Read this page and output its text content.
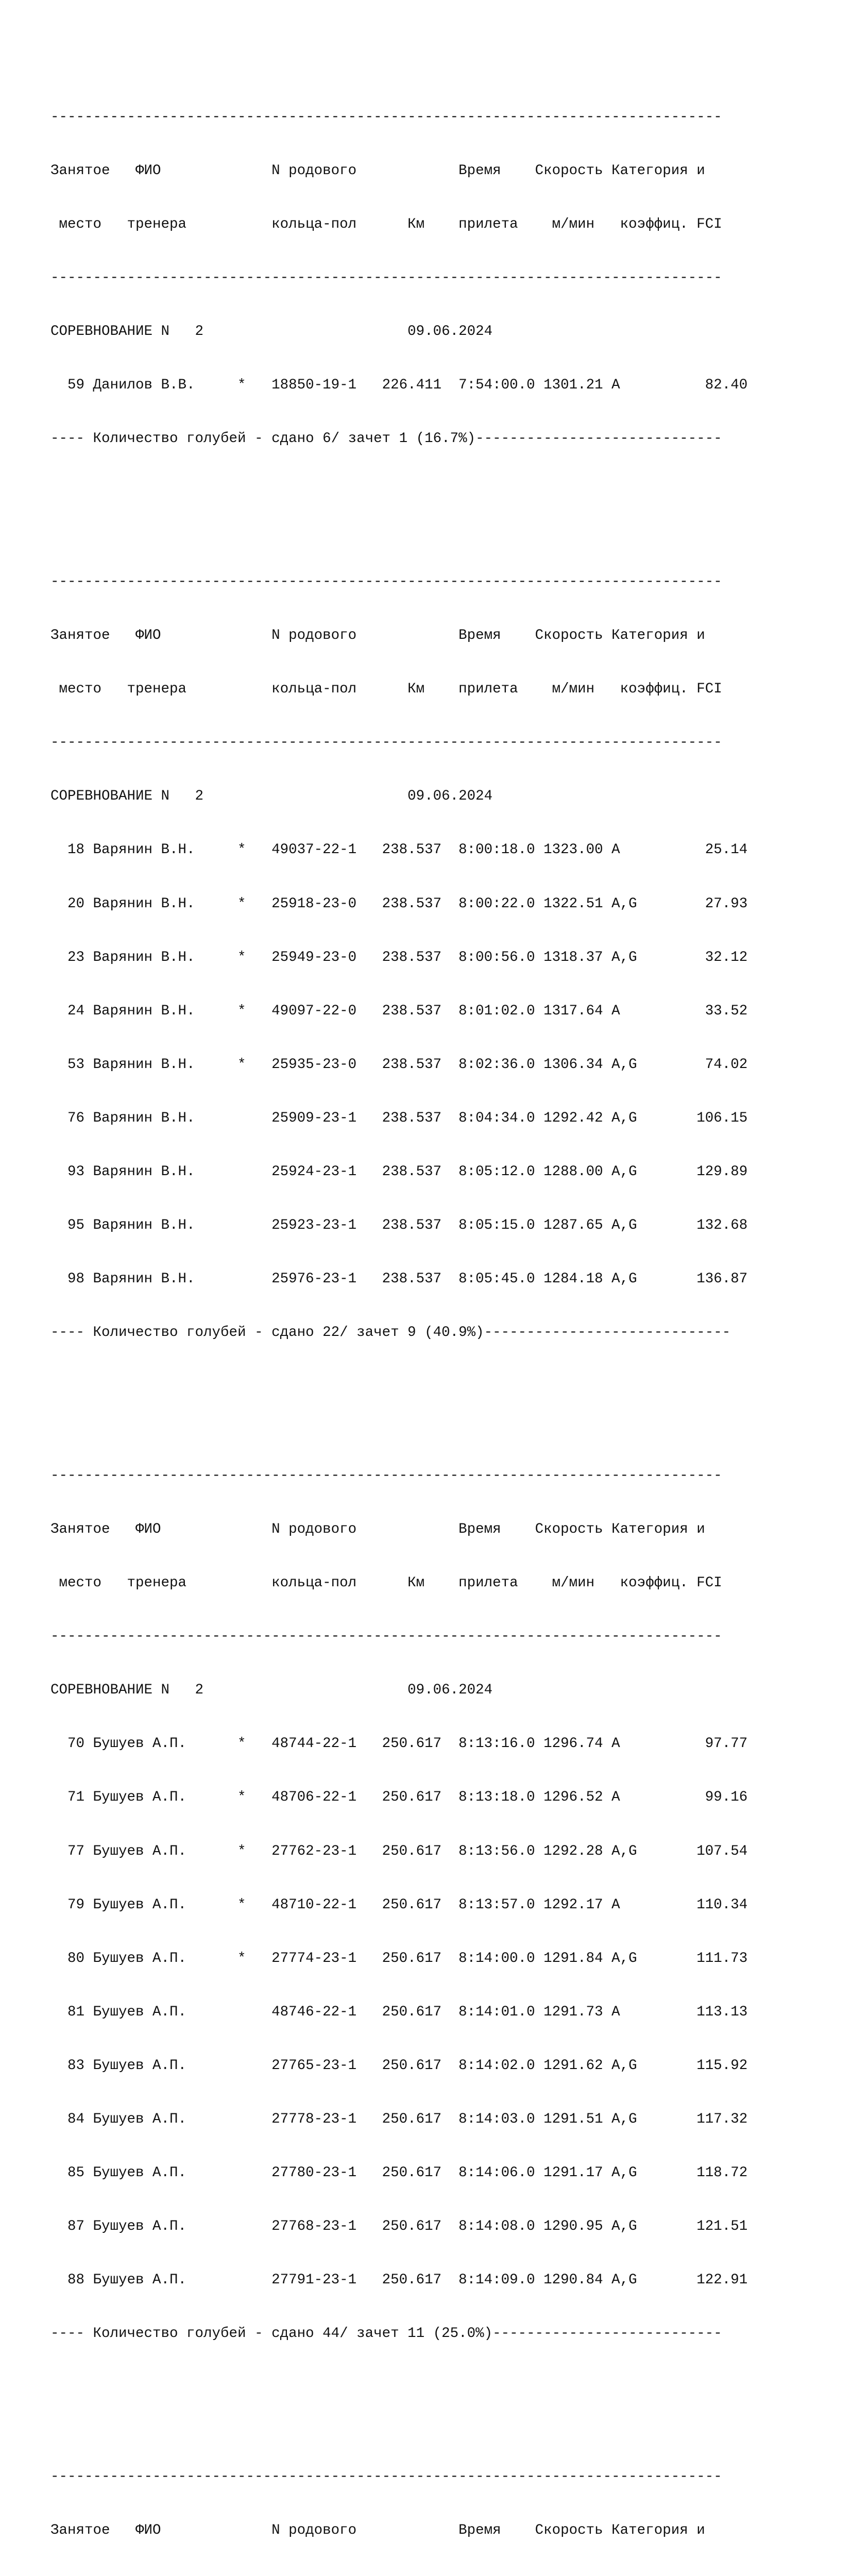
-------------------------------------------------------------------------------

Занятое   ФИО             N родового            Время    Скорость Категория и

место   тренера          кольца-пол      Км    прилета    м/мин   коэффиц. FCI

-------------------------------------------------------------------------------

СОРЕВНОВАНИЕ N   2                        09.06.2024

59 Данилов В.В.     *   18850-19-1   226.411  7:54:00.0 1301.21 A          82.40

---- Количество голубей - сдано 6/ зачет 1 (16.7%)-----------------------------

-------------------------------------------------------------------------------

Занятое   ФИО             N родового            Время    Скорость Категория и

место   тренера          кольца-пол      Км    прилета    м/мин   коэффиц. FCI

-------------------------------------------------------------------------------

СОРЕВНОВАНИЕ N   2                        09.06.2024

18 Варянин В.Н.     *   49037-22-1   238.537  8:00:18.0 1323.00 A          25.14

20 Варянин В.Н.     *   25918-23-0   238.537  8:00:22.0 1322.51 A,G        27.93

23 Варянин В.Н.     *   25949-23-0   238.537  8:00:56.0 1318.37 A,G        32.12

24 Варянин В.Н.     *   49097-22-0   238.537  8:01:02.0 1317.64 A          33.52

53 Варянин В.Н.     *   25935-23-0   238.537  8:02:36.0 1306.34 A,G        74.02

76 Варянин В.Н.         25909-23-1   238.537  8:04:34.0 1292.42 A,G       106.15

93 Варянин В.Н.         25924-23-1   238.537  8:05:12.0 1288.00 A,G       129.89

95 Варянин В.Н.         25923-23-1   238.537  8:05:15.0 1287.65 A,G       132.68

98 Варянин В.Н.         25976-23-1   238.537  8:05:45.0 1284.18 A,G       136.87

---- Количество голубей - сдано 22/ зачет 9 (40.9%)-----------------------------

-------------------------------------------------------------------------------

Занятое   ФИО             N родового            Время    Скорость Категория и

место   тренера          кольца-пол      Км    прилета    м/мин   коэффиц. FCI

-------------------------------------------------------------------------------

СОРЕВНОВАНИЕ N   2                        09.06.2024

70 Бушуев А.П.      *   48744-22-1   250.617  8:13:16.0 1296.74 A          97.77

71 Бушуев А.П.      *   48706-22-1   250.617  8:13:18.0 1296.52 A          99.16

77 Бушуев А.П.      *   27762-23-1   250.617  8:13:56.0 1292.28 A,G       107.54

79 Бушуев А.П.      *   48710-22-1   250.617  8:13:57.0 1292.17 A         110.34

80 Бушуев А.П.      *   27774-23-1   250.617  8:14:00.0 1291.84 A,G       111.73

81 Бушуев А.П.          48746-22-1   250.617  8:14:01.0 1291.73 A         113.13

83 Бушуев А.П.          27765-23-1   250.617  8:14:02.0 1291.62 A,G       115.92

84 Бушуев А.П.          27778-23-1   250.617  8:14:03.0 1291.51 A,G       117.32

85 Бушуев А.П.          27780-23-1   250.617  8:14:06.0 1291.17 A,G       118.72

87 Бушуев А.П.          27768-23-1   250.617  8:14:08.0 1290.95 A,G       121.51

88 Бушуев А.П.          27791-23-1   250.617  8:14:09.0 1290.84 A,G       122.91

---- Количество голубей - сдано 44/ зачет 11 (25.0%)---------------------------

-------------------------------------------------------------------------------

Занятое   ФИО             N родового            Время    Скорость Категория и
